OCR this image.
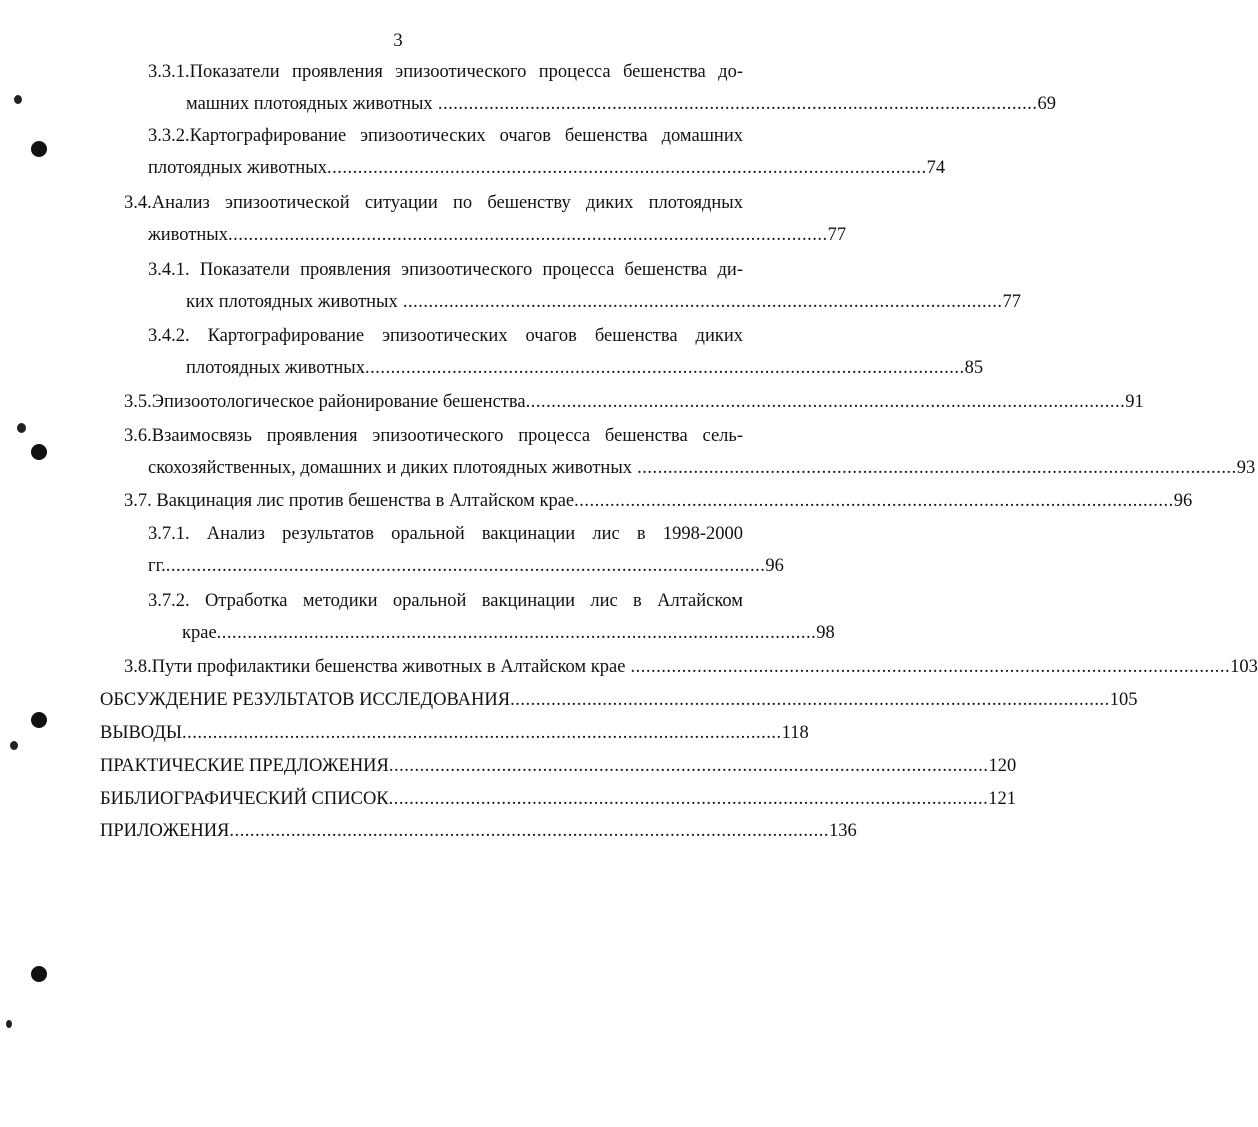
3
3.3.1.Показатели проявления эпизоотического процесса бешенства до-
машних плотоядных животных ..................................................................................................................... 69
3.3.2.Картографирование эпизоотических очагов бешенства домашних
плотоядных животных ..................................................................................................................... 74
3.4.Анализ эпизоотической ситуации по бешенству диких плотоядных
животных ..................................................................................................................... 77
3.4.1. Показатели проявления эпизоотического процесса бешенства ди-
ких плотоядных животных ..................................................................................................................... 77
3.4.2. Картографирование эпизоотических очагов бешенства диких
плотоядных животных ..................................................................................................................... 85
3.5.Эпизоотологическое районирование бешенства ..................................................................................................................... 91
3.6.Взаимосвязь проявления эпизоотического процесса бешенства сель-
скохозяйственных, домашних и диких плотоядных животных ..................................................................................................................... 93
3.7. Вакцинация лис против бешенства в Алтайском крае ..................................................................................................................... 96
3.7.1. Анализ результатов оральной вакцинации лис в 1998-2000
гг. ..................................................................................................................... 96
3.7.2. Отработка методики оральной вакцинации лис в Алтайском
крае ..................................................................................................................... 98
3.8.Пути профилактики бешенства животных в Алтайском крае ..................................................................................................................... 103
ОБСУЖДЕНИЕ РЕЗУЛЬТАТОВ ИССЛЕДОВАНИЯ ..................................................................................................................... 105
ВЫВОДЫ ..................................................................................................................... 118
ПРАКТИЧЕСКИЕ ПРЕДЛОЖЕНИЯ ..................................................................................................................... 120
БИБЛИОГРАФИЧЕСКИЙ СПИСОК ..................................................................................................................... 121
ПРИЛОЖЕНИЯ ..................................................................................................................... 136
